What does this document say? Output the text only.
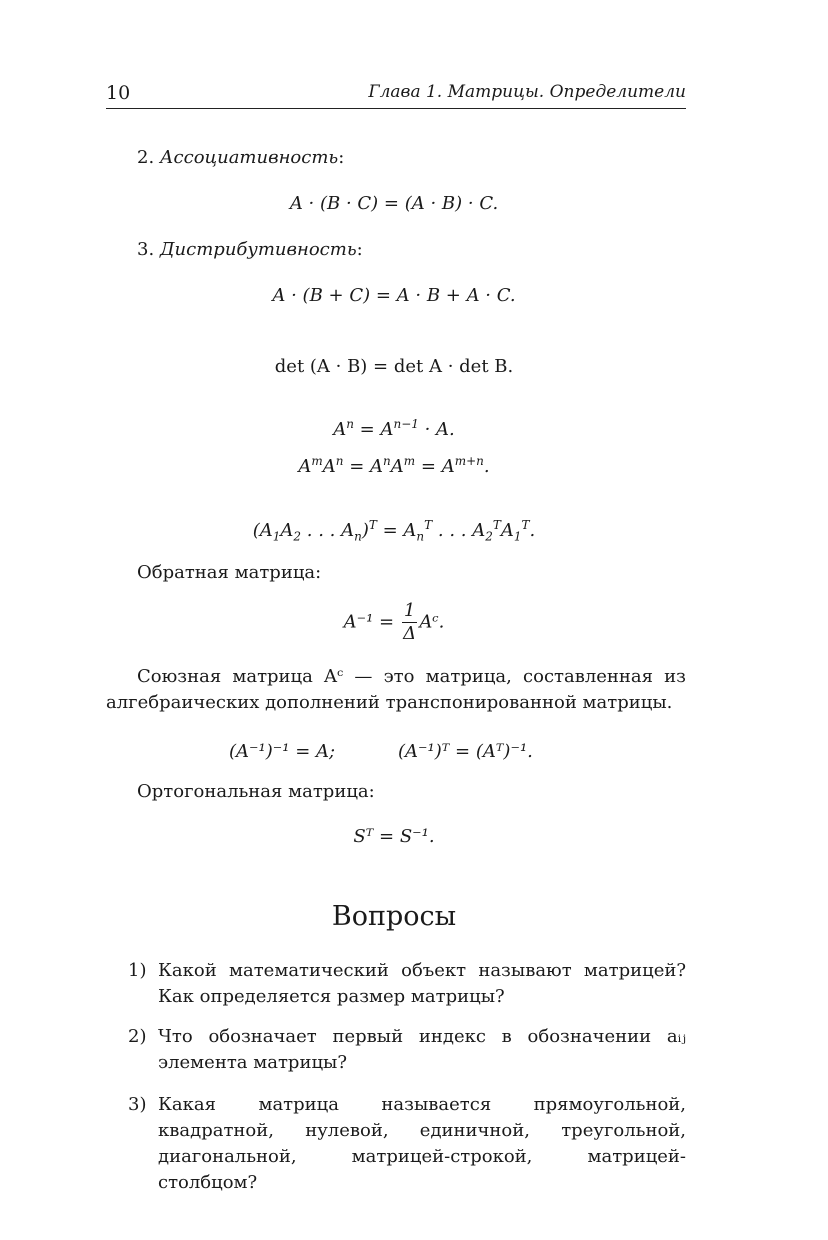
10	Глава 1. Матрицы. Определители
2. Ассоциативность:
A · (B · C) = (A · B) · C.
3. Дистрибутивность:
A · (B + C) = A · B + A · C.
det (A · B) = det A · det B.
$A^n = A^{n-1} \cdot A$.
$A^mA^n = A^nA^m = A^{m+n}$.
($A_1A_2$ . . . $A_n)^T = A_n^T$ . . . $A_2^TA_1^T$.
Обратная матрица:
$A^{-1} = \frac{1}{\Delta}$ Aᶜ.
Союзная матрица Aᶜ — это матрица, составленная из алгебраических дополнений транспонированной матрицы.
(A⁻¹)⁻¹ = A;	(A⁻¹)ᵀ = (Aᵀ)⁻¹.
Ортогональная матрица:
Sᵀ = S⁻¹.
Вопросы
1) Какой математический объект называют матрицей? Как определяется размер матрицы?
2) Что обозначает первый индекс в обозначении aᵢⱼ элемента матрицы?
3) Какая матрица называется прямоугольной, квадратной, нулевой, единичной, треугольной, диагональной, матрицей-строкой, матрицей-столбцом?
